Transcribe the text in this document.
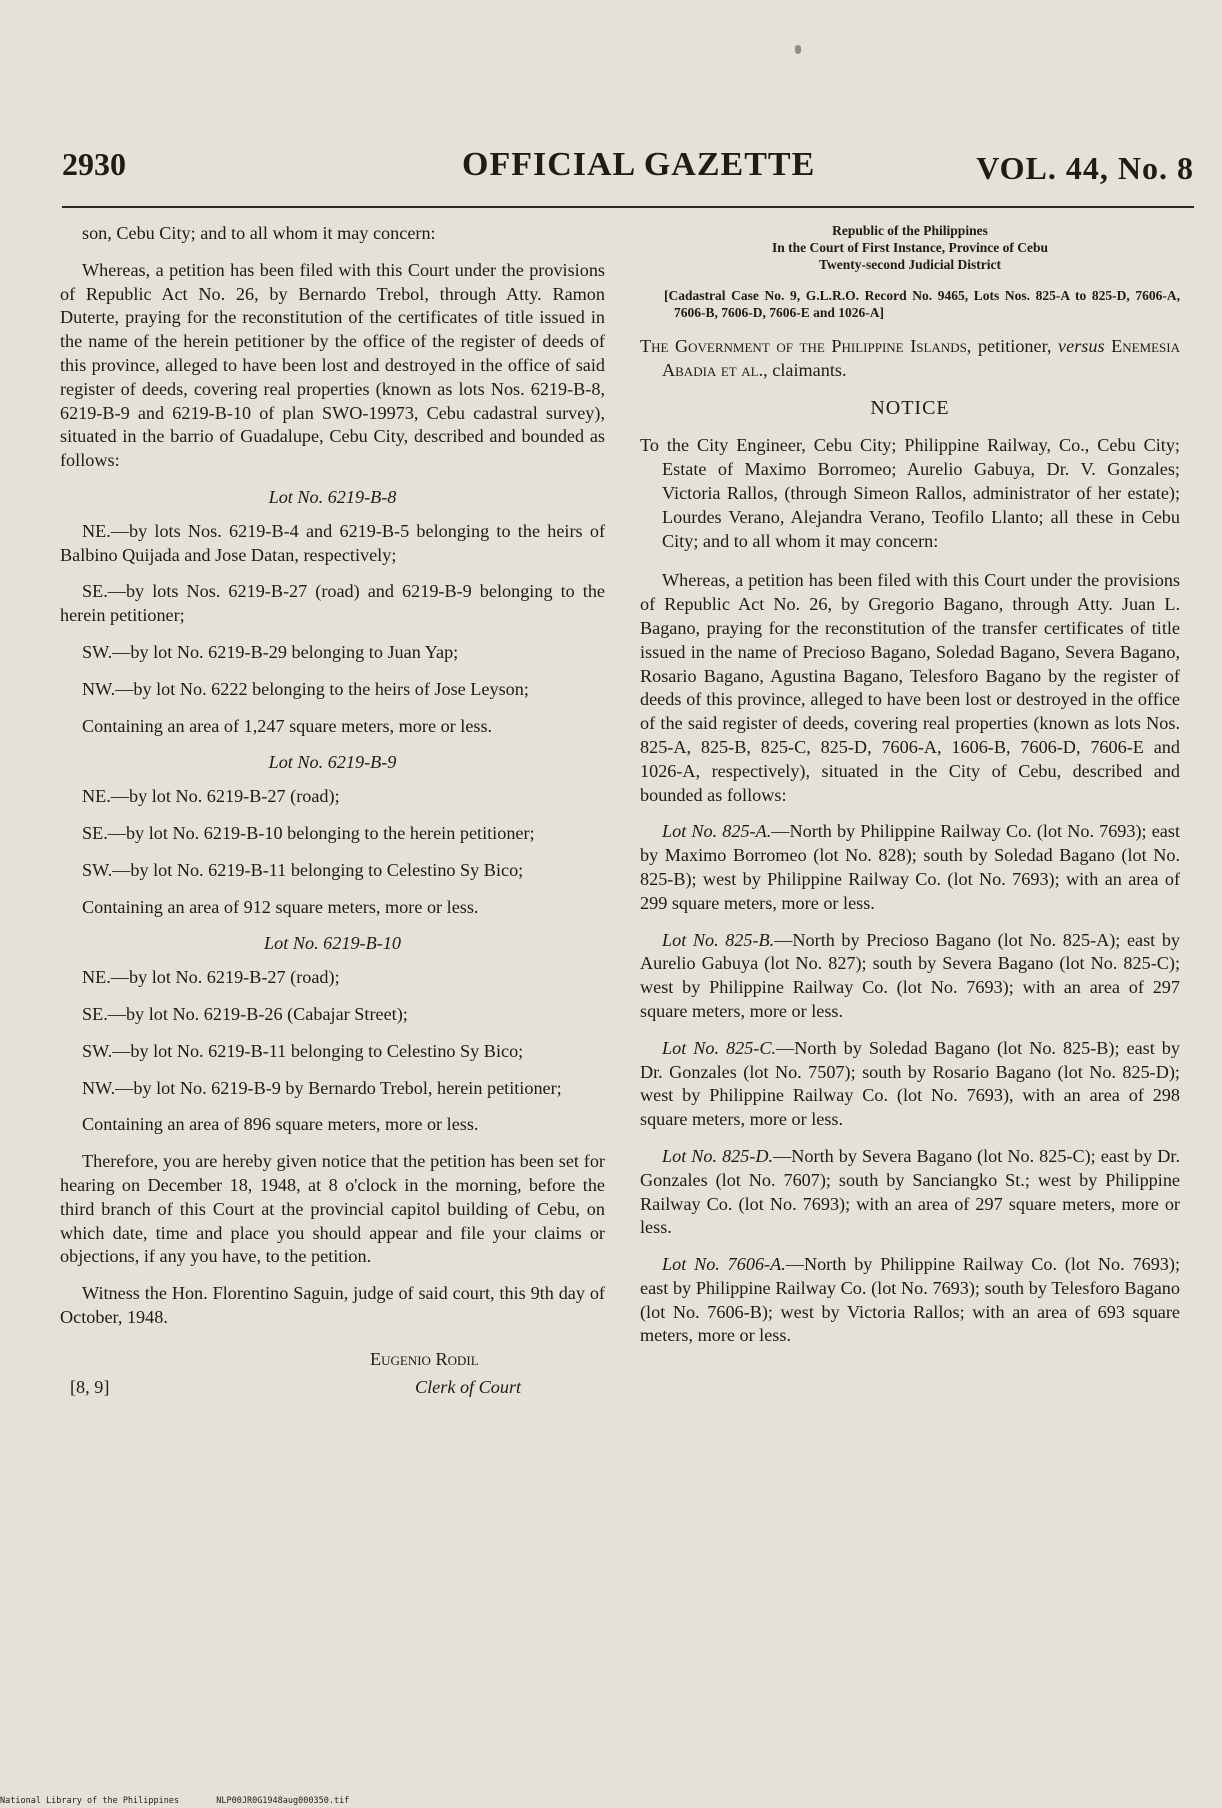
2930	OFFICIAL GAZETTE	VOL. 44, No. 8

son, Cebu City; and to all whom it may concern:

Whereas, a petition has been filed with this Court under the provisions of Republic Act No. 26, by Bernardo Trebol, through Atty. Ramon Duterte, praying for the reconstitution of the certificates of title issued in the name of the herein petitioner by the office of the register of deeds of this province, alleged to have been lost and destroyed in the office of said register of deeds, covering real properties (known as lots Nos. 6219-B-8, 6219-B-9 and 6219-B-10 of plan SWO-19973, Cebu cadastral survey), situated in the barrio of Guadalupe, Cebu City, described and bounded as follows:

Lot No. 6219-B-8

NE.—by lots Nos. 6219-B-4 and 6219-B-5 belonging to the heirs of Balbino Quijada and Jose Datan, respectively;

SE.—by lots Nos. 6219-B-27 (road) and 6219-B-9 belonging to the herein petitioner;

SW.—by lot No. 6219-B-29 belonging to Juan Yap;

NW.—by lot No. 6222 belonging to the heirs of Jose Leyson;

Containing an area of 1,247 square meters, more or less.

Lot No. 6219-B-9

NE.—by lot No. 6219-B-27 (road);

SE.—by lot No. 6219-B-10 belonging to the herein petitioner;

SW.—by lot No. 6219-B-11 belonging to Celestino Sy Bico;

Containing an area of 912 square meters, more or less.

Lot No. 6219-B-10

NE.—by lot No. 6219-B-27 (road);

SE.—by lot No. 6219-B-26 (Cabajar Street);

SW.—by lot No. 6219-B-11 belonging to Celestino Sy Bico;

NW.—by lot No. 6219-B-9 by Bernardo Trebol, herein petitioner;

Containing an area of 896 square meters, more or less.

Therefore, you are hereby given notice that the petition has been set for hearing on December 18, 1948, at 8 o'clock in the morning, before the third branch of this Court at the provincial capitol building of Cebu, on which date, time and place you should appear and file your claims or objections, if any you have, to the petition.

Witness the Hon. Florentino Saguin, judge of said court, this 9th day of October, 1948.

[8, 9]
Eugenio Rodil
Clerk of Court
Republic of the Philippines
In the Court of First Instance, Province of Cebu
Twenty-second Judicial District
[Cadastral Case No. 9, G.L.R.O. Record No. 9465, Lots Nos. 825-A to 825-D, 7606-A, 7606-B, 7606-D, 7606-E and 1026-A]
The Government of the Philippine Islands, petitioner, versus Enemesia Abadia et al., claimants.
NOTICE
To the City Engineer, Cebu City; Philippine Railway, Co., Cebu City; Estate of Maximo Borromeo; Aurelio Gabuya, Dr. V. Gonzales; Victoria Rallos, (through Simeon Rallos, administrator of her estate); Lourdes Verano, Alejandra Verano, Teofilo Llanto; all these in Cebu City; and to all whom it may concern:

Whereas, a petition has been filed with this Court under the provisions of Republic Act No. 26, by Gregorio Bagano, through Atty. Juan L. Bagano, praying for the reconstitution of the transfer certificates of title issued in the name of Precioso Bagano, Soledad Bagano, Severa Bagano, Rosario Bagano, Agustina Bagano, Telesforo Bagano by the register of deeds of this province, alleged to have been lost or destroyed in the office of the said register of deeds, covering real properties (known as lots Nos. 825-A, 825-B, 825-C, 825-D, 7606-A, 1606-B, 7606-D, 7606-E and 1026-A, respectively), situated in the City of Cebu, described and bounded as follows:

Lot No. 825-A.—North by Philippine Railway Co. (lot No. 7693); east by Maximo Borromeo (lot No. 828); south by Soledad Bagano (lot No. 825-B); west by Philippine Railway Co. (lot No. 7693); with an area of 299 square meters, more or less.

Lot No. 825-B.—North by Precioso Bagano (lot No. 825-A); east by Aurelio Gabuya (lot No. 827); south by Severa Bagano (lot No. 825-C); west by Philippine Railway Co. (lot No. 7693); with an area of 297 square meters, more or less.

Lot No. 825-C.—North by Soledad Bagano (lot No. 825-B); east by Dr. Gonzales (lot No. 7507); south by Rosario Bagano (lot No. 825-D); west by Philippine Railway Co. (lot No. 7693), with an area of 298 square meters, more or less.

Lot No. 825-D.—North by Severa Bagano (lot No. 825-C); east by Dr. Gonzales (lot No. 7607); south by Sanciangko St.; west by Philippine Railway Co. (lot No. 7693); with an area of 297 square meters, more or less.

Lot No. 7606-A.—North by Philippine Railway Co. (lot No. 7693); east by Philippine Railway Co. (lot No. 7693); south by Telesforo Bagano (lot No. 7606-B); west by Victoria Rallos; with an area of 693 square meters, more or less.

National Library of the Philippines	NLP00JR0G1948aug000350.tif
